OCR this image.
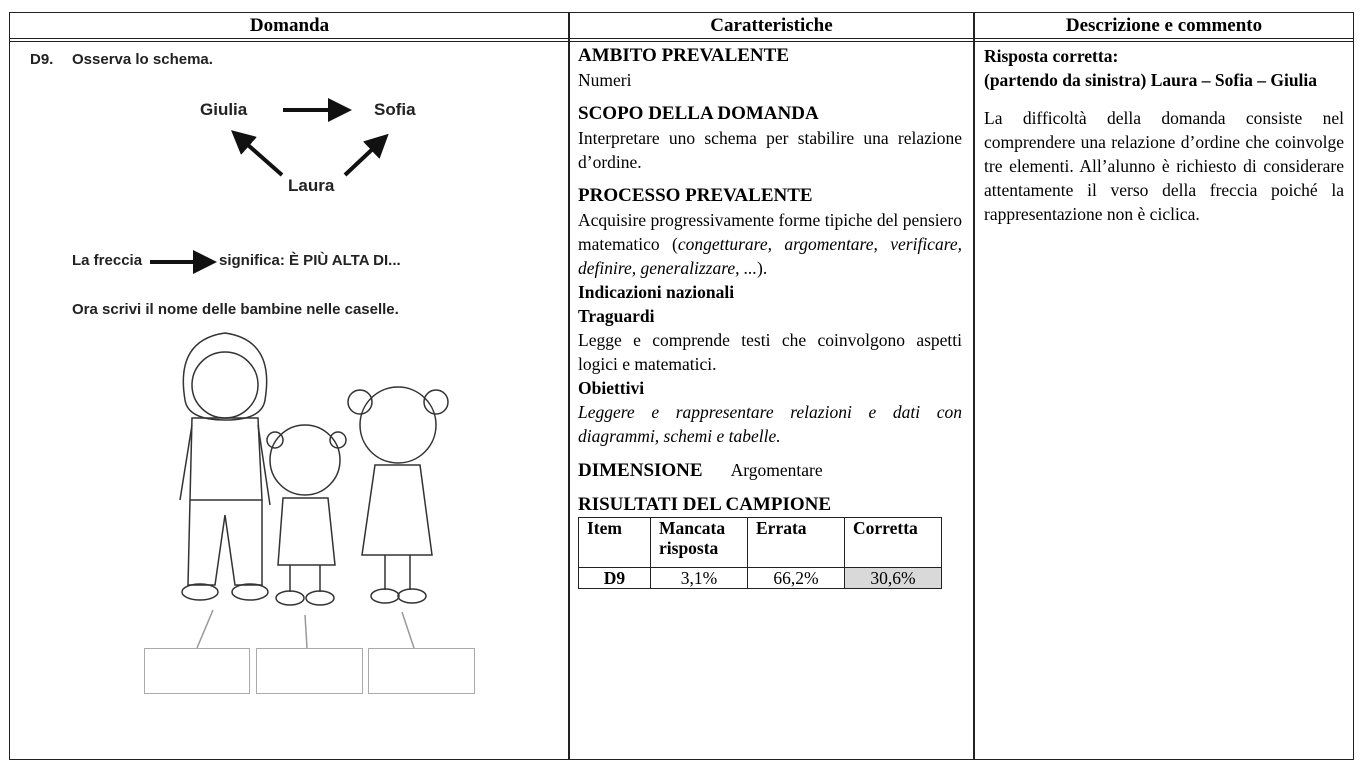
Domanda	Caratteristiche	Descrizione e commento
D9. Osserva lo schema.
Giulia	Sofia
Laura
La freccia	significa: È PIÙ ALTA DI...
Ora scrivi il nome delle bambine nelle caselle.
AMBITO PREVALENTE
Numeri
SCOPO DELLA DOMANDA
Interpretare uno schema per stabilire una relazione d’ordine.
PROCESSO PREVALENTE
Acquisire progressivamente forme tipiche del pensiero matematico (congetturare, argomentare, verificare, definire, generalizzare, ...).
Indicazioni nazionali
Traguardi
Legge e comprende testi che coinvolgono aspetti logici e matematici.
Obiettivi
Leggere e rappresentare relazioni e dati con diagrammi, schemi e tabelle.
DIMENSIONE Argomentare
RISULTATI DEL CAMPIONE
Item	Mancata risposta	Errata	Corretta
D9	3,1%	66,2%	30,6%
Risposta corretta:
(partendo da sinistra) Laura – Sofia – Giulia
La difficoltà della domanda consiste nel comprendere una relazione d’ordine che coinvolge tre elementi. All’alunno è richiesto di considerare attentamente il verso della freccia poiché la rappresentazione non è ciclica.
